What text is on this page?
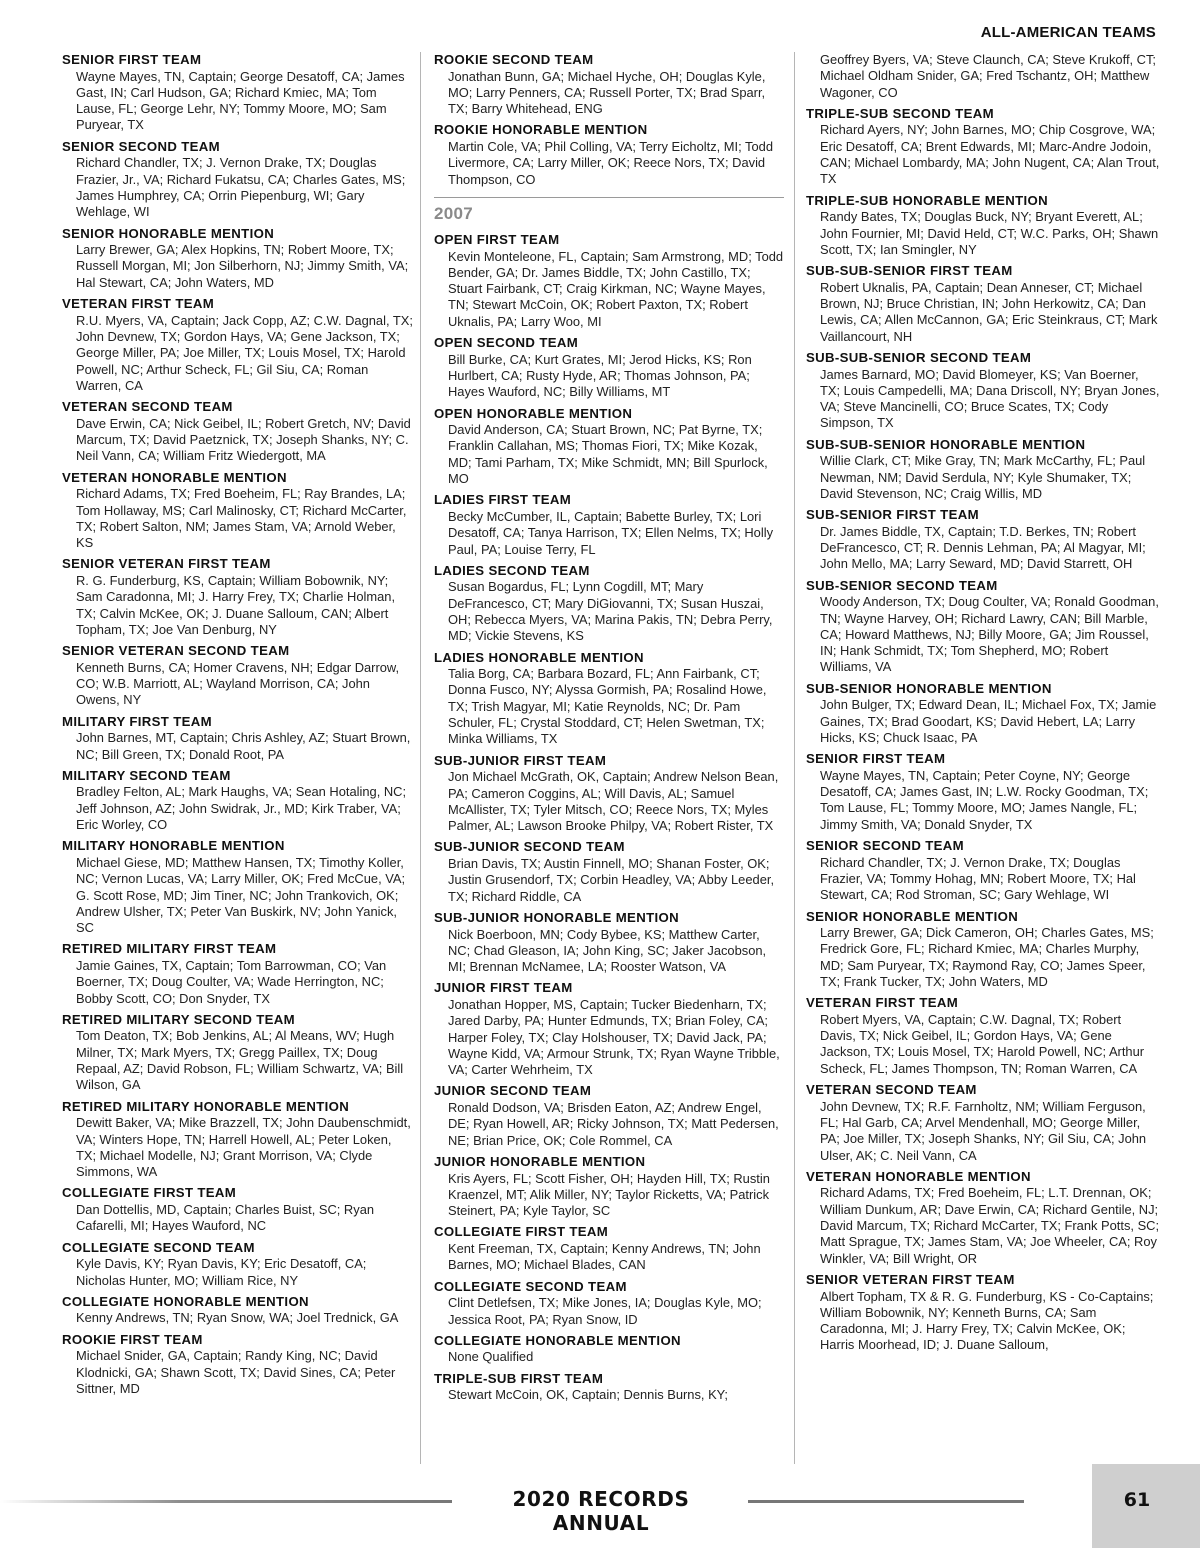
ALL-AMERICAN TEAMS
SENIOR FIRST TEAM

Wayne Mayes, TN, Captain; George Desatoff, CA; James Gast, IN; Carl Hudson, GA; Richard Kmiec, MA; Tom Lause, FL; George Lehr, NY; Tommy Moore, MO; Sam Puryear, TX

SENIOR SECOND TEAM

Richard Chandler, TX; J. Vernon Drake, TX; Douglas Frazier, Jr., VA; Richard Fukatsu, CA; Charles Gates, MS; James Humphrey, CA; Orrin Piepenburg, WI; Gary Wehlage, WI

SENIOR HONORABLE MENTION

Larry Brewer, GA; Alex Hopkins, TN; Robert Moore, TX; Russell Morgan, MI; Jon Silberhorn, NJ; Jimmy Smith, VA; Hal Stewart, CA; John Waters, MD

VETERAN FIRST TEAM

R.U. Myers, VA, Captain; Jack Copp, AZ; C.W. Dagnal, TX; John Devnew, TX; Gordon Hays, VA; Gene Jackson, TX; George Miller, PA; Joe Miller, TX; Louis Mosel, TX; Harold Powell, NC; Arthur Scheck, FL; Gil Siu, CA; Roman Warren, CA

VETERAN SECOND TEAM

Dave Erwin, CA; Nick Geibel, IL; Robert Gretch, NV; David Marcum, TX; David Paetznick, TX; Joseph Shanks, NY; C. Neil Vann, CA; William Fritz Wiedergott, MA

VETERAN HONORABLE MENTION

Richard Adams, TX; Fred Boeheim, FL; Ray Brandes, LA; Tom Hollaway, MS; Carl Malinosky, CT; Richard McCarter, TX; Robert Salton, NM; James Stam, VA; Arnold Weber, KS

SENIOR VETERAN FIRST TEAM

R. G. Funderburg, KS, Captain; William Bobownik, NY; Sam Caradonna, MI; J. Harry Frey, TX; Charlie Holman, TX; Calvin McKee, OK; J. Duane Salloum, CAN; Albert Topham, TX; Joe Van Denburg, NY

SENIOR VETERAN SECOND TEAM

Kenneth Burns, CA; Homer Cravens, NH; Edgar Darrow, CO; W.B. Marriott, AL; Wayland Morrison, CA; John Owens, NY

MILITARY FIRST TEAM

John Barnes, MT, Captain; Chris Ashley, AZ; Stuart Brown, NC; Bill Green, TX; Donald Root, PA

MILITARY SECOND TEAM

Bradley Felton, AL; Mark Haughs, VA; Sean Hotaling, NC; Jeff Johnson, AZ; John Swidrak, Jr., MD; Kirk Traber, VA; Eric Worley, CO

MILITARY HONORABLE MENTION

Michael Giese, MD; Matthew Hansen, TX; Timothy Koller, NC; Vernon Lucas, VA; Larry Miller, OK; Fred McCue, VA; G. Scott Rose, MD; Jim Tiner, NC; John Trankovich, OK; Andrew Ulsher, TX; Peter Van Buskirk, NV; John Yanick, SC

RETIRED MILITARY FIRST TEAM

Jamie Gaines, TX, Captain; Tom Barrowman, CO; Van Boerner, TX; Doug Coulter, VA; Wade Herrington, NC; Bobby Scott, CO; Don Snyder, TX

RETIRED MILITARY SECOND TEAM

Tom Deaton, TX; Bob Jenkins, AL; Al Means, WV; Hugh Milner, TX; Mark Myers, TX; Gregg Paillex, TX; Doug Repaal, AZ; David Robson, FL; William Schwartz, VA; Bill Wilson, GA

RETIRED MILITARY HONORABLE MENTION

Dewitt Baker, VA; Mike Brazzell, TX; John Daubenschmidt, VA; Winters Hope, TN; Harrell Howell, AL; Peter Loken, TX; Michael Modelle, NJ; Grant Morrison, VA; Clyde Simmons, WA

COLLEGIATE FIRST TEAM

Dan Dottellis, MD, Captain; Charles Buist, SC; Ryan Cafarelli, MI; Hayes Wauford, NC

COLLEGIATE SECOND TEAM

Kyle Davis, KY; Ryan Davis, KY; Eric Desatoff, CA; Nicholas Hunter, MO; William Rice, NY

COLLEGIATE HONORABLE MENTION

Kenny Andrews, TN; Ryan Snow, WA; Joel Tr​ednick, GA

ROOKIE FIRST TEAM

Michael Snider, GA, Captain; Randy King, NC; David Klodnicki, GA; Shawn Scott, TX; David Sines, CA; Peter Sittner, MD

ROOKIE SECOND TEAM

Jonathan Bunn, GA; Michael Hyche, OH; Douglas Kyle, MO; Larry Penners, CA; Russell Porter, TX; Brad Sparr, TX; Barry Whitehead, ENG

ROOKIE HONORABLE MENTION

Martin Cole, VA; Phil Colling, VA; Terry Eicholtz, MI; Todd Livermore, CA; Larry Miller, OK; Reece Nors, TX; David Thompson, CO

2007
OPEN FIRST TEAM

Kevin Monteleone, FL, Captain; Sam Armstrong, MD; Todd Bender, GA; Dr. James Biddle, TX; John Castillo, TX; Stuart Fairbank, CT; Craig Kirkman, NC; Wayne Mayes, TN; Stewart McCoin, OK; Robert Paxton, TX; Robert Uknalis, PA; Larry Woo, MI

OPEN SECOND TEAM

Bill Burke, CA; Kurt Grates, MI; Jerod Hicks, KS; Ron Hurlbert, CA; Rusty Hyde, AR; Thomas Johnson, PA; Hayes Wauford, NC; Billy Williams, MT

OPEN HONORABLE MENTION

David Anderson, CA; Stuart Brown, NC; Pat Byrne, TX; Franklin Callahan, MS; Thomas Fiori, TX; Mike Kozak, MD; Tami Parham, TX; Mike Schmidt, MN; Bill Spurlock, MO

LADIES FIRST TEAM

Becky McCumber, IL, Captain; Babette Burley, TX; Lori Desatoff, CA; Tanya Harrison, TX; Ellen Nelms, TX; Holly Paul, PA; Louise Terry, FL

LADIES SECOND TEAM

Susan Bogardus, FL; Lynn Cogdill, MT; Mary DeFrancesco, CT; Mary DiGiovanni, TX; Susan Huszai, OH; Rebecca Myers, VA; Marina Pakis, TN; Debra Perry, MD; Vickie Stevens, KS

LADIES HONORABLE MENTION

Talia Borg, CA; Barbara Bozard, FL; Ann Fairbank, CT; Donna Fusco, NY; Alyssa Gormish, PA; Rosalind Howe, TX; Trish Magyar, MI; Katie Reynolds, NC; Dr. Pam Schuler, FL; Crystal Stoddard, CT; Helen Swetman, TX; Minka Williams, TX

SUB-JUNIOR FIRST TEAM

Jon Michael McGrath, OK, Captain; Andrew Nelson Bean, PA; Cameron Coggins, AL; Will Davis, AL; Samuel McAllister, TX; Tyler Mitsch, CO; Reece Nors, TX; Myles Palmer, AL; Lawson Brooke Philpy, VA; Robert Rister, TX

SUB-JUNIOR SECOND TEAM

Brian Davis, TX; Austin Finnell, MO; Shanan Foster, OK; Justin Grusendorf, TX; Corbin Headley, VA; Abby Leeder, TX; Richard Riddle, CA

SUB-JUNIOR HONORABLE MENTION

Nick Boerboon, MN; Cody Bybee, KS; Matthew Carter, NC; Chad Gleason, IA; John King, SC; Jaker Jacobson, MI; Brennan McNamee, LA; Rooster Watson, VA

JUNIOR FIRST TEAM

Jonathan Hopper, MS, Captain; Tucker Biedenharn, TX; Jared Darby, PA; Hunter Edmunds, TX; Brian Foley, CA; Harper Foley, TX; Clay Holshouser, TX; David Jack, PA; Wayne Kidd, VA; Armour Strunk, TX; Ryan Wayne Tribble, VA; Carter Wehrheim, TX

JUNIOR SECOND TEAM

Ronald Dodson, VA; Brisden Eaton, AZ; Andrew Engel, DE; Ryan Howell, AR; Ricky Johnson, TX; Matt Pedersen, NE; Brian Price, OK; Cole Rommel, CA

JUNIOR HONORABLE MENTION

Kris Ayers, FL; Scott Fisher, OH; Hayden Hill, TX; Rustin Kraenzel, MT; Alik Miller, NY; Taylor Ricketts, VA; Patrick Steinert, PA; Kyle Taylor, SC

COLLEGIATE FIRST TEAM

Kent Freeman, TX, Captain; Kenny Andrews, TN; John Barnes, MO; Michael Blades, CAN

COLLEGIATE SECOND TEAM

Clint Detlefsen, TX; Mike Jones, IA; Douglas Kyle, MO; Jessica Root, PA; Ryan Snow, ID

COLLEGIATE HONORABLE MENTION

None Qualified

TRIPLE-SUB FIRST TEAM

Stewart McCoin, OK, Captain; Dennis Burns, KY;

Geoffrey Byers, VA; Steve Claunch, CA; Steve Krukoff, CT; Michael Oldham Snider, GA; Fred Tschantz, OH; Matthew Wagoner, CO

TRIPLE-SUB SECOND TEAM

Richard Ayers, NY; John Barnes, MO; Chip Cosgrove, WA; Eric Desatoff, CA; Brent Edwards, MI; Marc-Andre Jodoin, CAN; Michael Lombardy, MA; John Nugent, CA; Alan Trout, TX

TRIPLE-SUB HONORABLE MENTION

Randy Bates, TX; Douglas Buck, NY; Bryant Everett, AL; John Fournier, MI; David Held, CT; W.C. Parks, OH; Shawn Scott, TX; Ian Smingler, NY

SUB-SUB-SENIOR FIRST TEAM

Robert Uknalis, PA, Captain; Dean Anneser, CT; Michael Brown, NJ; Bruce Christian, IN; John Herkowitz, CA; Dan Lewis, CA; Allen McCannon, GA; Eric Steinkraus, CT; Mark Vaillancourt, NH

SUB-SUB-SENIOR SECOND TEAM

James Barnard, MO; David Blomeyer, KS; Van Boerner, TX; Louis Campedelli, MA; Dana Driscoll, NY; Bryan Jones, VA; Steve Mancinelli, CO; Bruce Scates, TX; Cody Simpson, TX

SUB-SUB-SENIOR HONORABLE MENTION

Willie Clark, CT; Mike Gray, TN; Mark McCarthy, FL; Paul Newman, NM; David Serdula, NY; Kyle Shumaker, TX; David Stevenson, NC; Craig Willis, MD

SUB-SENIOR FIRST TEAM

Dr. James Biddle, TX, Captain; T.D. Berkes, TN; Robert DeFrancesco, CT; R. Dennis Lehman, PA; Al Magyar, MI; John Mello, MA; Larry Seward, MD; David Starrett, OH

SUB-SENIOR SECOND TEAM

Woody Anderson, TX; Doug Coulter, VA; Ronald Goodman, TN; Wayne Harvey, OH; Richard Lawry, CAN; Bill Marble, CA; Howard Matthews, NJ; Billy Moore, GA; Jim Roussel, IN; Hank Schmidt, TX; Tom Shepherd, MO; Robert Williams, VA

SUB-SENIOR HONORABLE MENTION

John Bulger, TX; Edward Dean, IL; Michael Fox, TX; Jamie Gaines, TX; Brad Goodart, KS; David Hebert, LA; Larry Hicks, KS; Chuck Isaac, PA

SENIOR FIRST TEAM

Wayne Mayes, TN, Captain; Peter Coyne, NY; George Desatoff, CA; James Gast, IN; L.W. Rocky Goodman, TX; Tom Lause, FL; Tommy Moore, MO; James Nangle, FL; Jimmy Smith, VA; Donald Snyder, TX

SENIOR SECOND TEAM

Richard Chandler, TX; J. Vernon Drake, TX; Douglas Frazier, VA; Tommy Hohag, MN; Robert Moore, TX; Hal Stewart, CA; Rod Stroman, SC; Gary Wehlage, WI

SENIOR HONORABLE MENTION

Larry Brewer, GA; Dick Cameron, OH; Charles Gates, MS; Fredrick Gore, FL; Richard Kmiec, MA; Charles Murphy, MD; Sam Puryear, TX; Raymond Ray, CO; James Speer, TX; Frank Tucker, TX; John Waters, MD

VETERAN FIRST TEAM

Robert Myers, VA, Captain; C.W. Dagnal, TX; Robert Davis, TX; Nick Geibel, IL; Gordon Hays, VA; Gene Jackson, TX; Louis Mosel, TX; Harold Powell, NC; Arthur Scheck, FL; James Thompson, TN; Roman Warren, CA

VETERAN SECOND TEAM

John Devnew, TX; R.F. Farnholtz, NM; William Ferguson, FL; Hal Garb, CA; Arvel Mendenhall, MO; George Miller, PA; Joe Miller, TX; Joseph Shanks, NY; Gil Siu, CA; John Ulser, AK; C. Neil Vann, CA

VETERAN HONORABLE MENTION

Richard Adams, TX; Fred Boeheim, FL; L.T. Drennan, OK; William Dunkum, AR; Dave Erwin, CA; Richard Gentile, NJ; David Marcum, TX; Richard McCarter, TX; Frank Potts, SC; Matt Sprague, TX; James Stam, VA; Joe Wheeler, CA; Roy Winkler, VA; Bill Wright, OR

SENIOR VETERAN FIRST TEAM

Albert Topham, TX & R. G. Funderburg, KS - Co-Captains; William Bobownik, NY; Kenneth Burns, CA; Sam Caradonna, MI; J. Harry Frey, TX; Calvin McKee, OK; Harris Moorhead, ID; J. Duane Salloum,

2020 RECORDS ANNUAL
61
